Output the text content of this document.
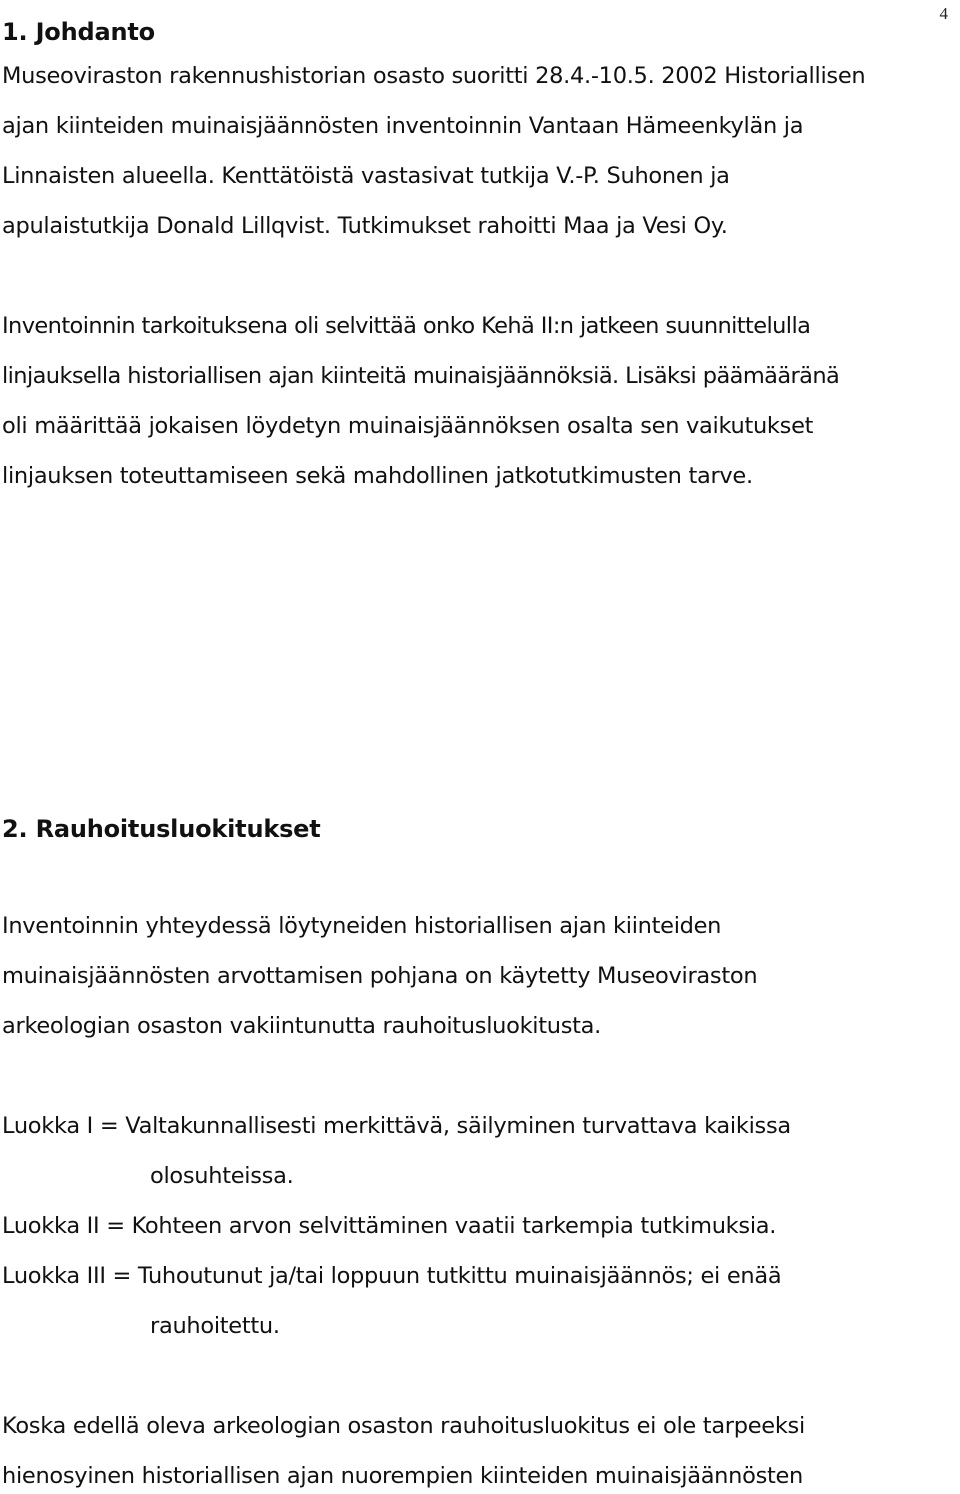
4
1. Johdanto
Museoviraston rakennushistorian osasto suoritti 28.4.-10.5. 2002 Historiallisen
ajan kiinteiden muinaisjäännösten inventoinnin Vantaan Hämeenkylän ja
Linnaisten alueella. Kenttätöistä vastasivat tutkija V.-P. Suhonen ja
apulaistutkija Donald Lillqvist. Tutkimukset rahoitti Maa ja Vesi Oy.
Inventoinnin tarkoituksena oli selvittää onko Kehä II:n jatkeen suunnittelulla
linjauksella historiallisen ajan kiinteitä muinaisjäännöksiä. Lisäksi päämääränä
oli määrittää jokaisen löydetyn muinaisjäännöksen osalta sen vaikutukset
linjauksen toteuttamiseen sekä mahdollinen jatkotutkimusten tarve.
2. Rauhoitusluokitukset
Inventoinnin yhteydessä löytyneiden historiallisen ajan kiinteiden
muinaisjäännösten arvottamisen pohjana on käytetty Museoviraston
arkeologian osaston vakiintunutta rauhoitusluokitusta.
Luokka I = Valtakunnallisesti merkittävä, säilyminen turvattava kaikissa
olosuhteissa.
Luokka II = Kohteen arvon selvittäminen vaatii tarkempia tutkimuksia.
Luokka III = Tuhoutunut ja/tai loppuun tutkittu muinaisjäännös; ei enää
rauhoitettu.
Koska edellä oleva arkeologian osaston rauhoitusluokitus ei ole tarpeeksi
hienosyinen historiallisen ajan nuorempien kiinteiden muinaisjäännösten
